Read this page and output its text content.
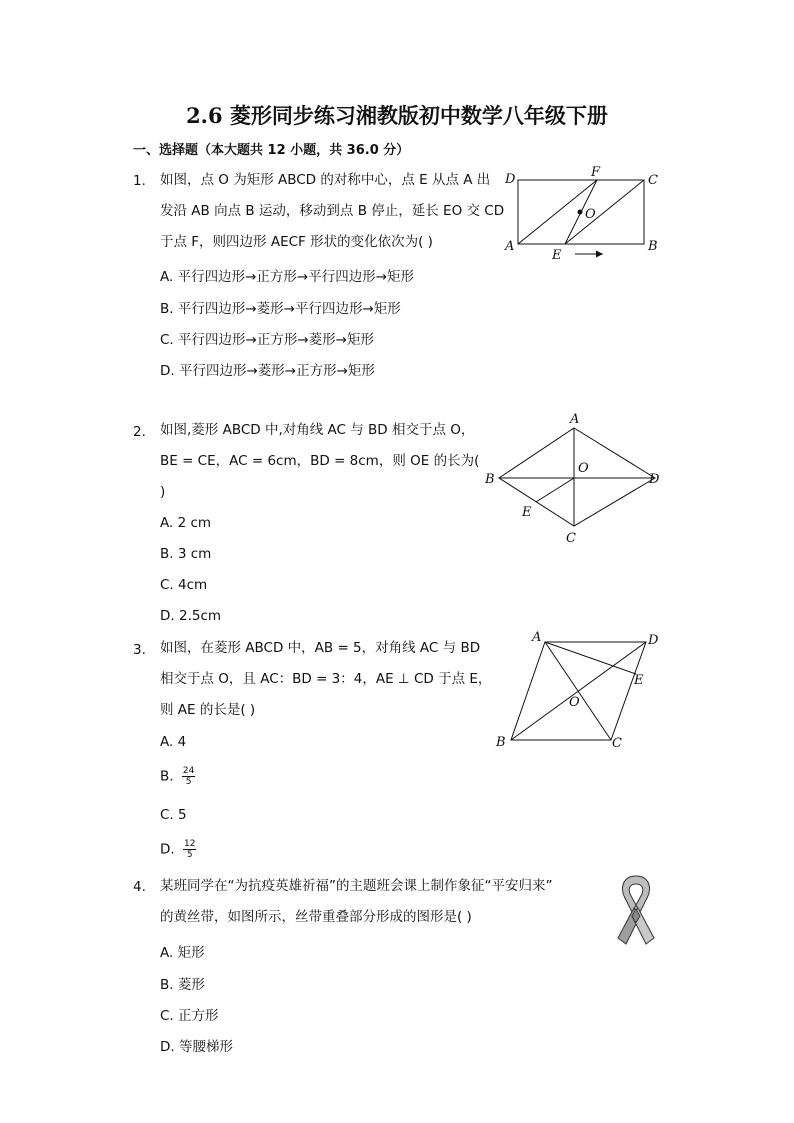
2.6 菱形同步练习湘教版初中数学八年级下册
一、选择题（本大题共 12 小题，共 36.0 分）
1. 如图，点 O 为矩形 ABCD 的对称中心，点 E 从点 A 出
发沿 AB 向点 B 运动，移动到点 B 停止，延长 EO 交 CD
于点 F，则四边形 AECF 形状的变化依次为( )
A. 平行四边形→正方形→平行四边形→矩形
B. 平行四边形→菱形→平行四边形→矩形
C. 平行四边形→正方形→菱形→矩形
D. 平行四边形→菱形→正方形→矩形
D	F
C
O
A
E
B
2. 如图,菱形 ABCD 中,对角线 AC 与 BD 相交于点 O，
BE = CE，AC = 6cm，BD = 8cm，则 OE 的长为(
)
A. 2 cm
B. 3 cm
C. 4cm
D. 2.5cm
A
B
O
D
E
C
3. 如图，在菱形 ABCD 中，AB = 5，对角线 AC 与 BD
相交于点 O，且 AC：BD = 3：4，AE ⊥ CD 于点 E，
则 AE 的长是( )
A. 4
B. $\frac{24}{5}$
C. 5
D. $\frac{12}{5}$
A	D
E
O
B	C
4. 某班同学在“为抗疫英雄祈福”的主题班会课上制作象征“平安归来”
的黄丝带，如图所示，丝带重叠部分形成的图形是( )
A. 矩形
B. 菱形
C. 正方形
D. 等腰梯形
